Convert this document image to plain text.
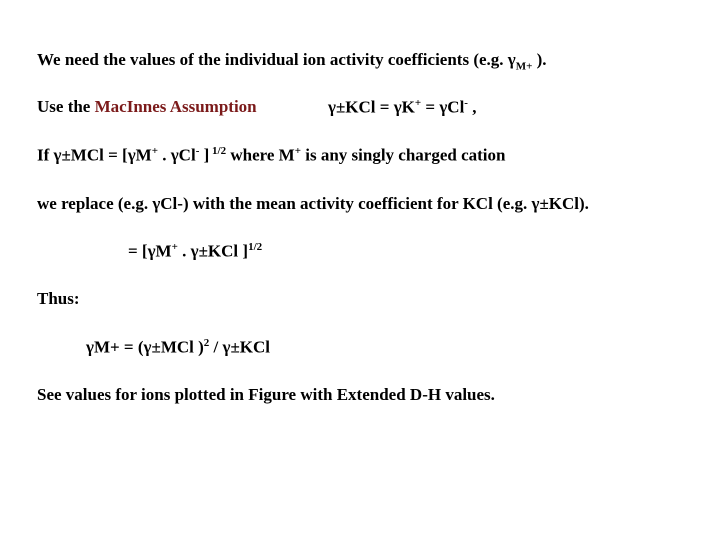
We need the values of the individual ion activity coefficients (e.g. $\gamma_{M+}$ ).
Use the MacInnes Assumption	γ±KCl = γK+ = γCl- ,
If γ±MCl = [γM+ . γCl- ] $^{1/2}$ where M+ is any singly charged cation
we replace (e.g. γCl-) with the mean activity coefficient for KCl (e.g. γ±KCl).
= [γM+ . γ±KCl ]$^{1/2}$
Thus:
γM+ = (γ±MCl )$^2$ / γ±KCl
See values for ions plotted in Figure with Extended D-H values.
